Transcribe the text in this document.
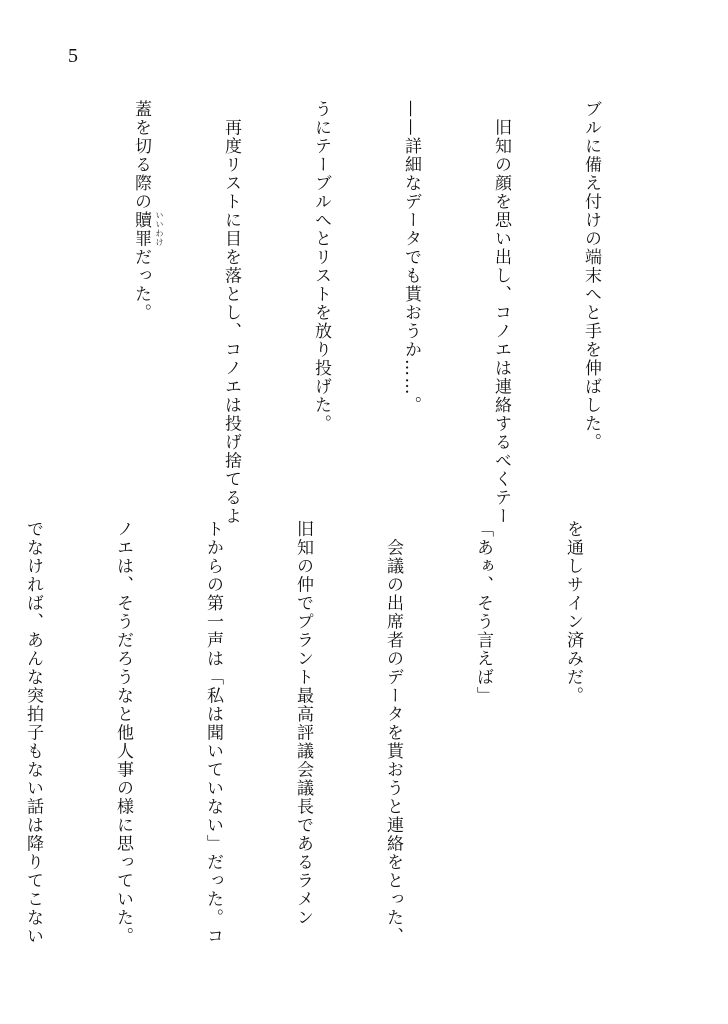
5

ブルに備え付けの端末へと手を伸ばした。

　旧知の顔を思い出し、コノエは連絡するべくテー

——詳細なデータでも貰おうか……。

うにテーブルへとリストを放り投げた。

　再度リストに目を落とし、コノエは投げ捨てるよ

蓋を切る際の贖罪 いいわけ
だった。

を通しサイン済みだ。

「あぁ、そう言えば」

　会議の出席者のデータを貰おうと連絡をとった、

旧知の仲でプラント最高評議会議長であるラメン

トからの第一声は「私は聞いていない」だった。コ

ノエは、そうだろうなと他人事の様に思っていた。

でなければ、あんな突拍子もない話は降りてこない
